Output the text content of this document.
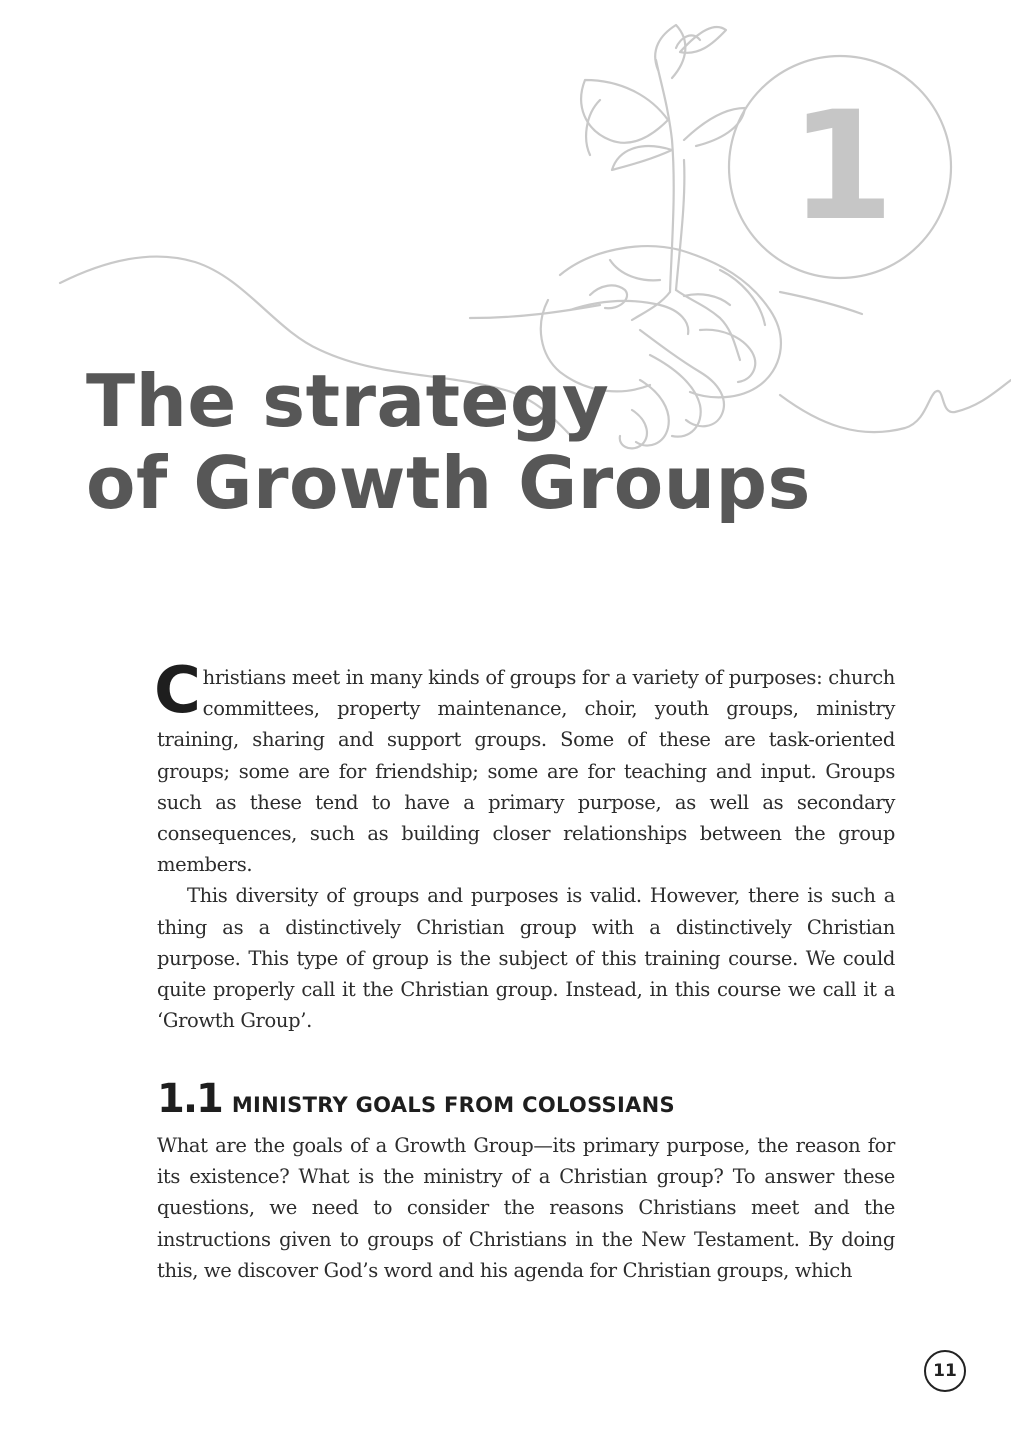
1
The strategy
of Growth Groups

Christians meet in many kinds of groups for a variety of purposes: church committees, property maintenance, choir, youth groups, ministry training, sharing and support groups. Some of these are task-oriented groups; some are for friendship; some are for teaching and input. Groups such as these tend to have a primary purpose, as well as secondary consequences, such as building closer relationships between the group members.

This diversity of groups and purposes is valid. However, there is such a thing as a distinctively Christian group with a distinctively Christian purpose. This type of group is the subject of this training course. We could quite properly call it the Christian group. Instead, in this course we call it a ‘Growth Group’.

1.1 MINISTRY GOALS FROM COLOSSIANS

What are the goals of a Growth Group—its primary purpose, the reason for its existence? What is the ministry of a Christian group? To answer these questions, we need to consider the reasons Christians meet and the instructions given to groups of Christians in the New Testament. By doing this, we discover God’s word and his agenda for Christian groups, which

11
